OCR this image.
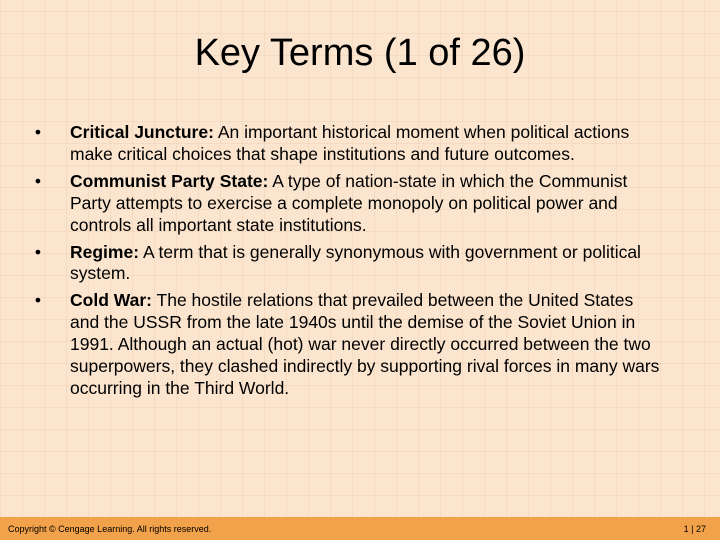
Key Terms (1 of 26)
•	Critical Juncture: An important historical moment when political actions make critical choices that shape institutions and future outcomes.
•	Communist Party State: A type of nation-state in which the Communist Party attempts to exercise a complete monopoly on political power and controls all important state institutions.
•	Regime: A term that is generally synonymous with government or political system.
•	Cold War: The hostile relations that prevailed between the United States and the USSR from the late 1940s until the demise of the Soviet Union in 1991. Although an actual (hot) war never directly occurred between the two superpowers, they clashed indirectly by supporting rival forces in many wars occurring in the Third World.
Copyright © Cengage Learning. All rights reserved.	1 | 27
